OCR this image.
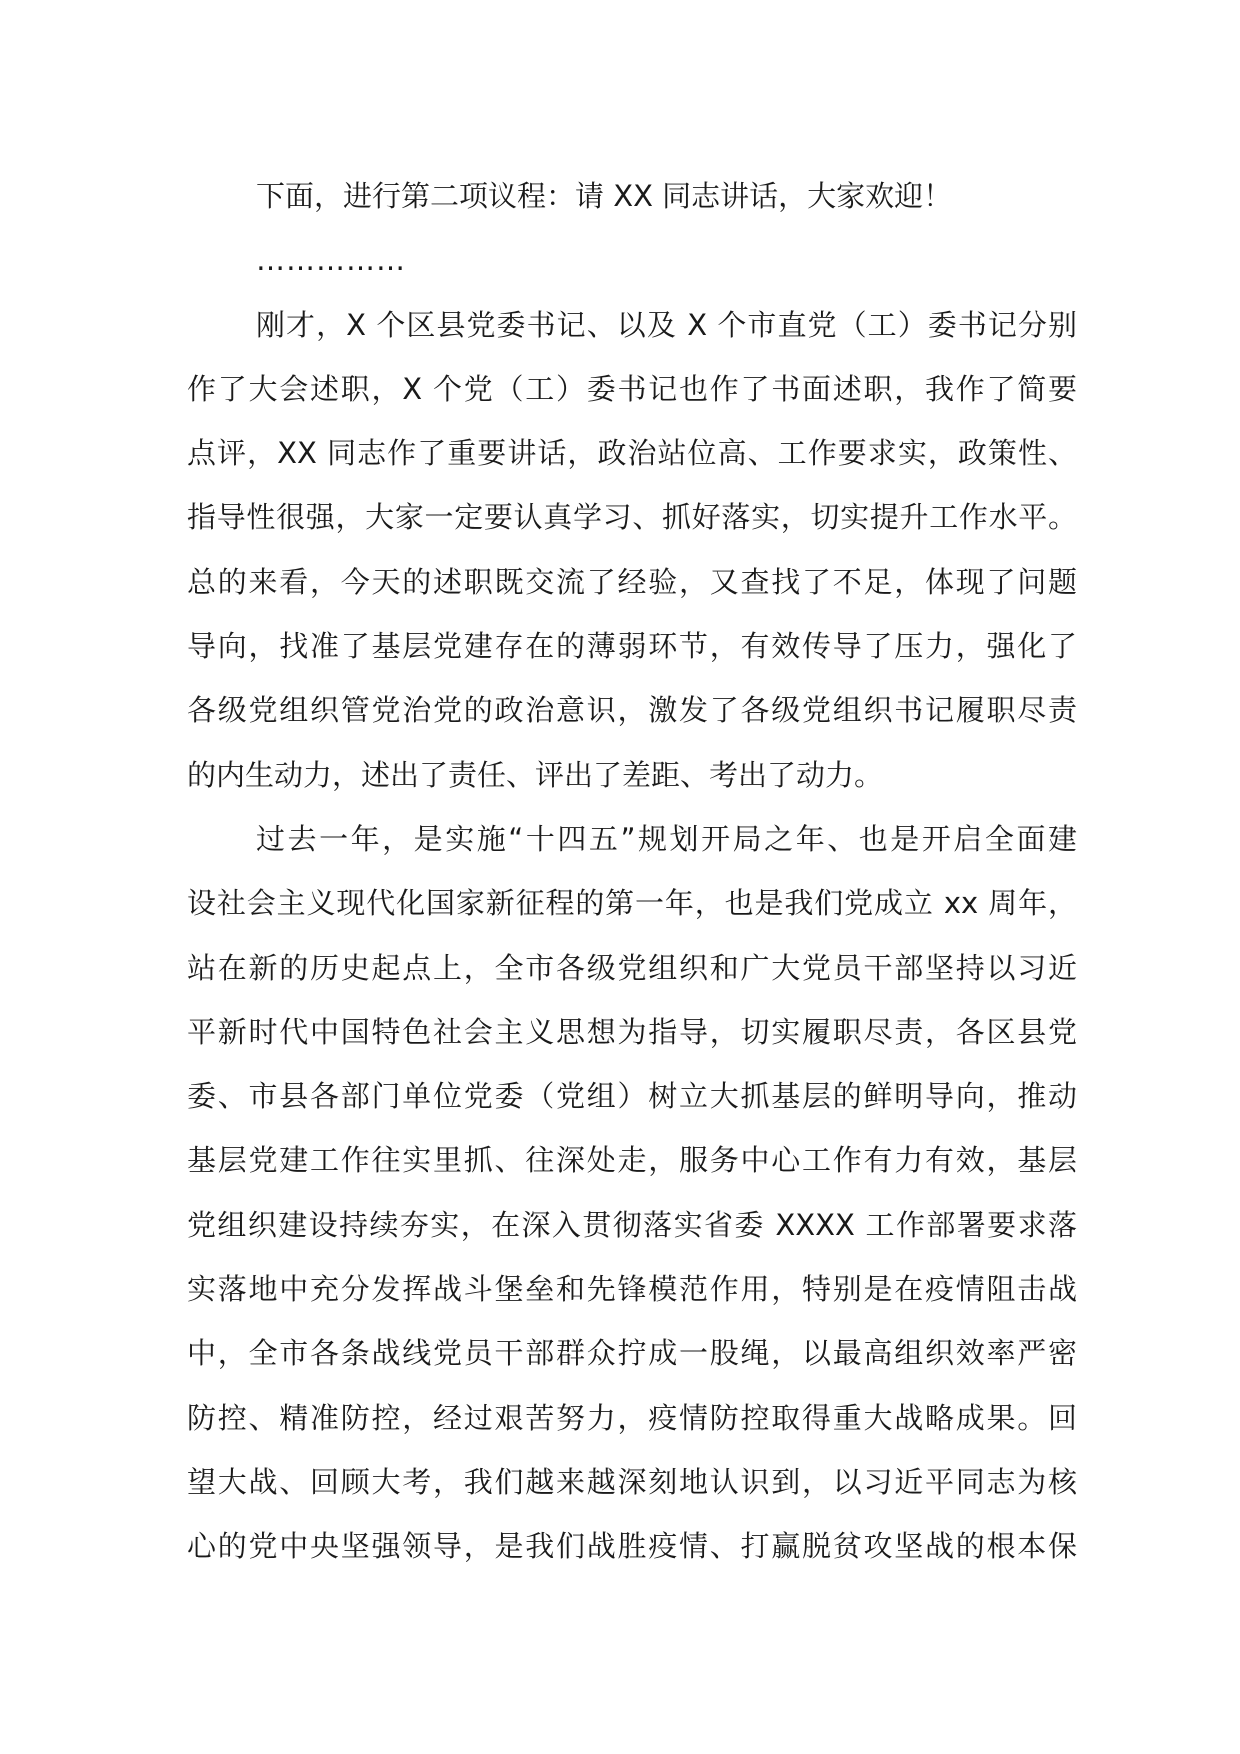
下面，进行第二项议程：请 XX 同志讲话，大家欢迎！
……………
刚才，X 个区县党委书记、以及 X 个市直党（工）委书记分别
作了大会述职，X 个党（工）委书记也作了书面述职，我作了简要
点评，XX 同志作了重要讲话，政治站位高、工作要求实，政策性、
指导性很强，大家一定要认真学习、抓好落实，切实提升工作水平。
总的来看，今天的述职既交流了经验，又查找了不足，体现了问题
导向，找准了基层党建存在的薄弱环节，有效传导了压力，强化了
各级党组织管党治党的政治意识，激发了各级党组织书记履职尽责
的内生动力，述出了责任、评出了差距、考出了动力。
过去一年，是实施“十四五”规划开局之年、也是开启全面建
设社会主义现代化国家新征程的第一年，也是我们党成立 xx 周年，
站在新的历史起点上，全市各级党组织和广大党员干部坚持以习近
平新时代中国特色社会主义思想为指导，切实履职尽责，各区县党
委、市县各部门单位党委（党组）树立大抓基层的鲜明导向，推动
基层党建工作往实里抓、往深处走，服务中心工作有力有效，基层
党组织建设持续夯实，在深入贯彻落实省委 XXXX 工作部署要求落
实落地中充分发挥战斗堡垒和先锋模范作用，特别是在疫情阻击战
中，全市各条战线党员干部群众拧成一股绳，以最高组织效率严密
防控、精准防控，经过艰苦努力，疫情防控取得重大战略成果。回
望大战、回顾大考，我们越来越深刻地认识到，以习近平同志为核
心的党中央坚强领导，是我们战胜疫情、打赢脱贫攻坚战的根本保
